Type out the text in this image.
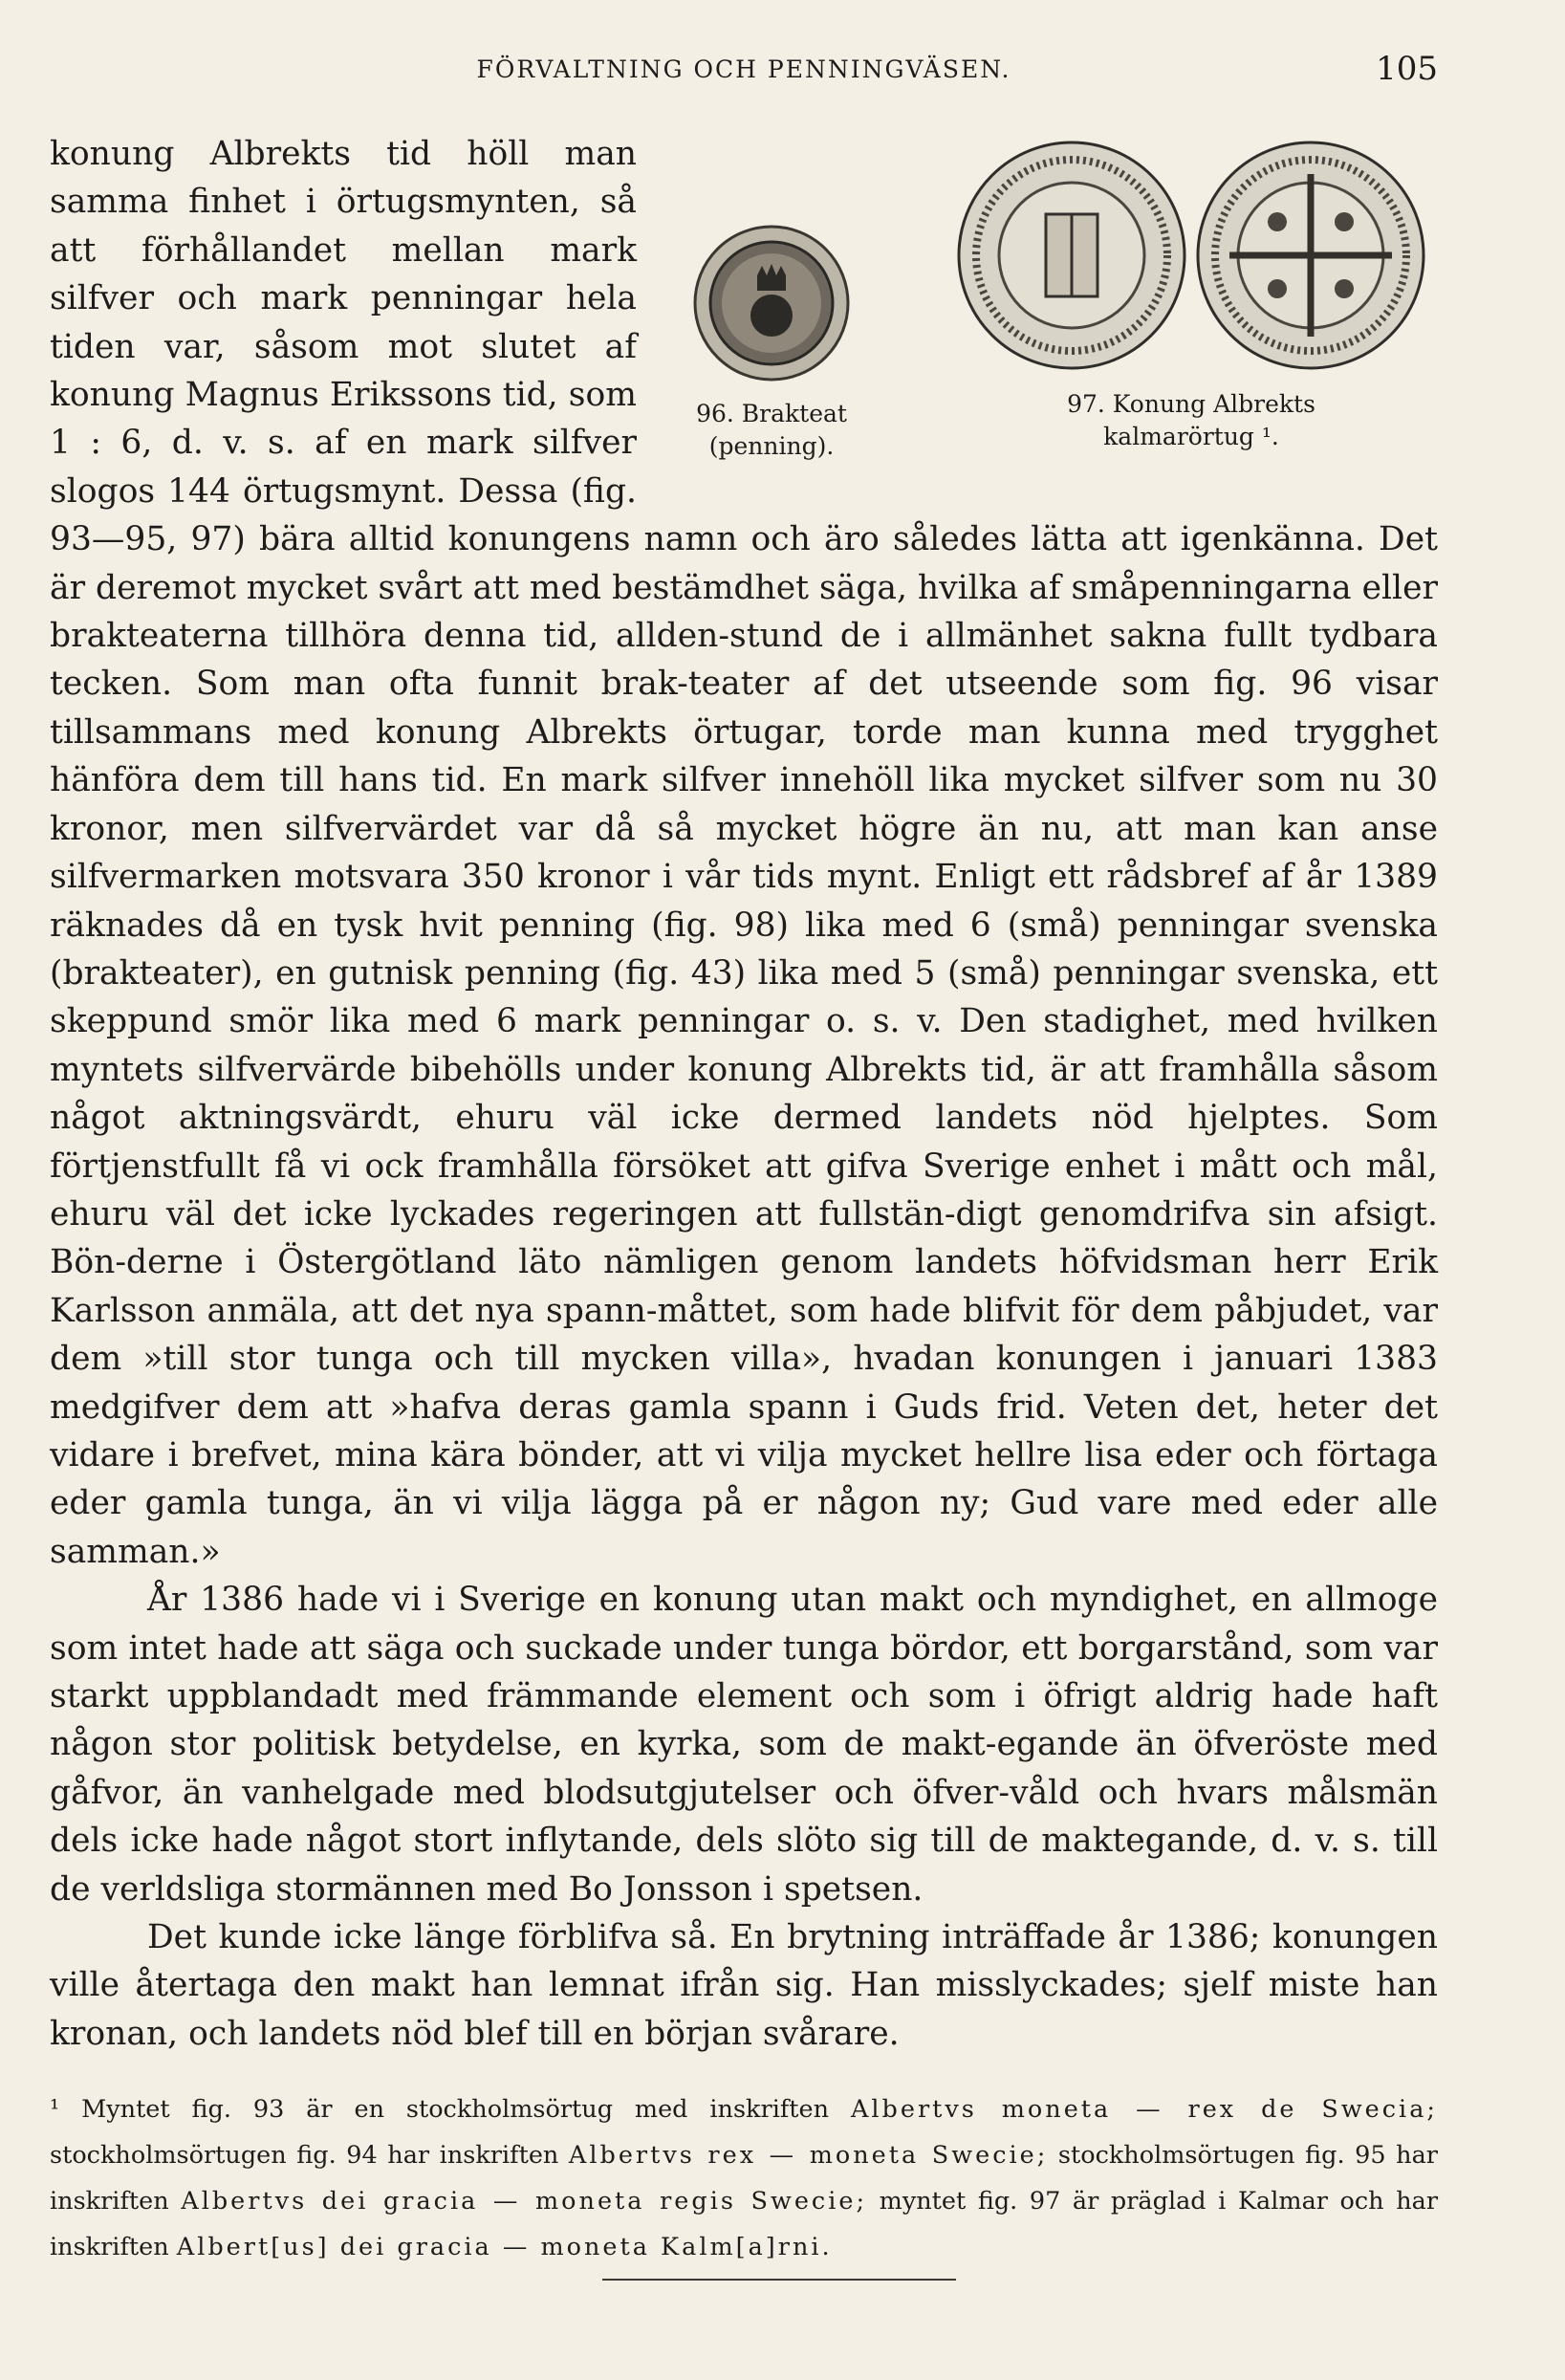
FÖRVALTNING OCH PENNINGVÄSEN.	105
96. Brakteat
(penning).
97. Konung Albrekts
kalmarörtug ¹.

konung Albrekts tid höll man samma finhet i örtugsmynten, så att förhållandet mellan mark silfver och mark penningar hela tiden var, såsom mot slutet af konung Magnus Erikssons tid, som 1 : 6, d. v. s. af en mark silfver slogos 144 örtugsmynt. Dessa (fig. 93—95, 97) bära alltid konungens namn och äro således lätta att igenkänna. Det är deremot mycket svårt att med bestämdhet säga, hvilka af småpenningarna eller brakteaterna tillhöra denna tid, allden-stund de i allmänhet sakna fullt tydbara tecken. Som man ofta funnit brak-teater af det utseende som fig. 96 visar tillsammans med konung Albrekts örtugar, torde man kunna med trygghet hänföra dem till hans tid. En mark silfver innehöll lika mycket silfver som nu 30 kronor, men silfvervärdet var då så mycket högre än nu, att man kan anse silfvermarken motsvara 350 kronor i vår tids mynt. Enligt ett rådsbref af år 1389 räknades då en tysk hvit penning (fig. 98) lika med 6 (små) penningar svenska (brakteater), en gutnisk penning (fig. 43) lika med 5 (små) penningar svenska, ett skeppund smör lika med 6 mark penningar o. s. v. Den stadighet, med hvilken myntets silfvervärde bibehölls under konung Albrekts tid, är att framhålla såsom något aktningsvärdt, ehuru väl icke dermed landets nöd hjelptes. Som förtjenstfullt få vi ock framhålla försöket att gifva Sverige enhet i mått och mål, ehuru väl det icke lyckades regeringen att fullstän-digt genomdrifva sin afsigt. Bön-derne i Östergötland läto nämligen genom landets höfvidsman herr Erik Karlsson anmäla, att det nya spann-måttet, som hade blifvit för dem påbjudet, var dem »till stor tunga och till mycken villa», hvadan konungen i januari 1383 medgifver dem att »hafva deras gamla spann i Guds frid. Veten det, heter det vidare i brefvet, mina kära bönder, att vi vilja mycket hellre lisa eder och förtaga eder gamla tunga, än vi vilja lägga på er någon ny; Gud vare med eder alle samman.»

År 1386 hade vi i Sverige en konung utan makt och myndighet, en allmoge som intet hade att säga och suckade under tunga bördor, ett borgarstånd, som var starkt uppblandadt med främmande element och som i öfrigt aldrig hade haft någon stor politisk betydelse, en kyrka, som de makt-egande än öfveröste med gåfvor, än vanhelgade med blodsutgjutelser och öfver-våld och hvars målsmän dels icke hade något stort inflytande, dels slöto sig till de maktegande, d. v. s. till de verldsliga stormännen med Bo Jonsson i spetsen.

Det kunde icke länge förblifva så. En brytning inträffade år 1386; konungen ville återtaga den makt han lemnat ifrån sig. Han misslyckades; sjelf miste han kronan, och landets nöd blef till en början svårare.

¹ Myntet fig. 93 är en stockholmsörtug med inskriften Albertvs moneta — rex de Swecia; stockholmsörtugen fig. 94 har inskriften Albertvs rex — moneta Swecie; stockholmsörtugen fig. 95 har inskriften Albertvs dei gracia — moneta regis Swecie; myntet fig. 97 är präglad i Kalmar och har inskriften Albert[us] dei gracia — moneta Kalm[a]rni.
